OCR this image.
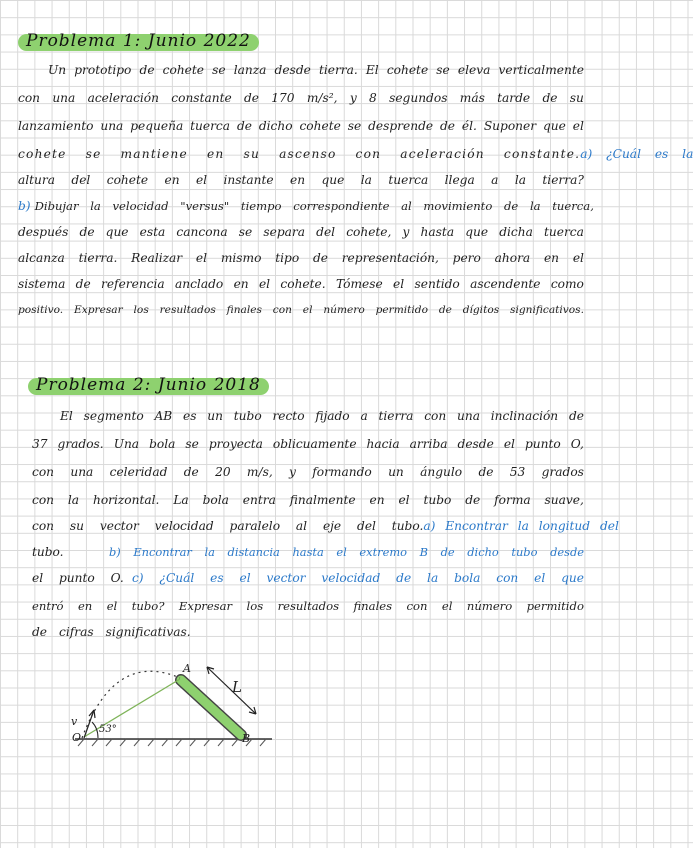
Problema 1: Junio 2022
Un prototipo de cohete se lanza desde tierra. El cohete se eleva verticalmente
con una aceleración constante de 170 m/s², y 8 segundos más tarde de su
lanzamiento una pequeña tuerca de dicho cohete se desprende de él. Suponer que el
cohete se mantiene en su ascenso con aceleración constante. a) ¿Cuál es la
altura del cohete en el instante en que la tuerca llega a la tierra?
b) Dibujar la velocidad "versus" tiempo correspondiente al movimiento de la tuerca,
después de que esta cancona se separa del cohete, y hasta que dicha tuerca
alcanza tierra. Realizar el mismo tipo de representación, pero ahora en el
sistema de referencia anclado en el cohete. Tómese el sentido ascendente como
positivo. Expresar los resultados finales con el número permitido de dígitos significativos.
Problema 2: Junio 2018
El segmento AB es un tubo recto fijado a tierra con una inclinación de
37 grados. Una bola se proyecta oblicuamente hacia arriba desde el punto O,
con una celeridad de 20 m/s, y formando un ángulo de 53 grados
con la horizontal. La bola entra finalmente en el tubo de forma suave,
con su vector velocidad paralelo al eje del tubo. a) Encontrar la longitud del
tubo.	b) Encontrar la distancia hasta el extremo B de dicho tubo desde
el punto O. c) ¿Cuál es el vector velocidad de la bola con el que
entró en el tubo? Expresar los resultados finales con el número permitido
de cifras significativas.
A
B
O
L
v
53°
